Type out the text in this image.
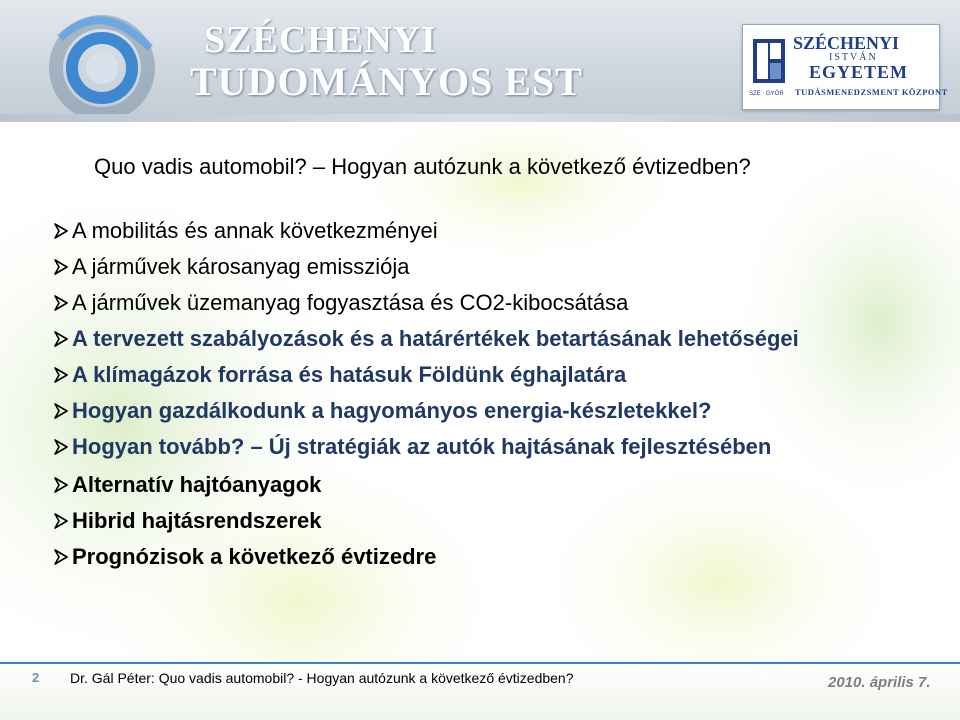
SZÉCHENYI
TUDOMÁNYOS EST
SZÉCHENYI
ISTVÁN
EGYETEM
TUDÁSMENEDZSMENT KÖZPONT
SZE · GYŐR
Quo vadis automobil? – Hogyan autózunk a következő évtizedben?
A mobilitás és annak következményei
A járművek károsanyag emissziója
A járművek üzemanyag fogyasztása és CO2-kibocsátása
A tervezett szabályozások és a határértékek betartásának lehetőségei
A klímagázok forrása és hatásuk Földünk éghajlatára
Hogyan gazdálkodunk a hagyományos energia-készletekkel?
Hogyan tovább? – Új stratégiák az autók hajtásának fejlesztésében
Alternatív hajtóanyagok
Hibrid hajtásrendszerek
Prognózisok a következő évtizedre
2 Dr. Gál Péter: Quo vadis automobil? - Hogyan autózunk a következő évtizedben?	2010. április 7.
